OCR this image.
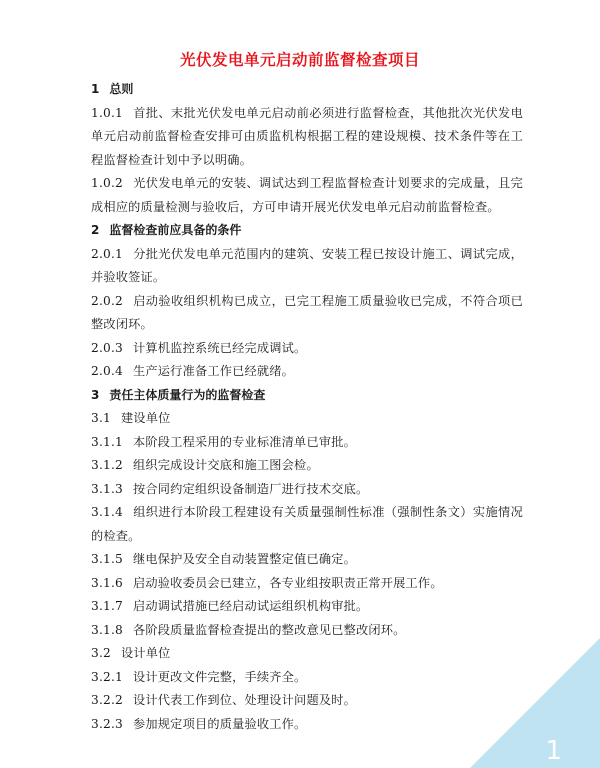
光伏发电单元启动前监督检查项目
1 总则
1.0.1 首批、末批光伏发电单元启动前必须进行监督检查，其他批次光伏发电单元启动前监督检查安排可由质监机构根据工程的建设规模、技术条件等在工程监督检查计划中予以明确。
1.0.2 光伏发电单元的安装、调试达到工程监督检查计划要求的完成量，且完成相应的质量检测与验收后，方可申请开展光伏发电单元启动前监督检查。
2 监督检查前应具备的条件
2.0.1 分批光伏发电单元范围内的建筑、安装工程已按设计施工、调试完成，并验收签证。
2.0.2 启动验收组织机构已成立，已完工程施工质量验收已完成，不符合项已整改闭环。
2.0.3 计算机监控系统已经完成调试。
2.0.4 生产运行准备工作已经就绪。
3 责任主体质量行为的监督检查
3.1 建设单位
3.1.1 本阶段工程采用的专业标准清单已审批。
3.1.2 组织完成设计交底和施工图会检。
3.1.3 按合同约定组织设备制造厂进行技术交底。
3.1.4 组织进行本阶段工程建设有关质量强制性标准（强制性条文）实施情况的检查。
3.1.5 继电保护及安全自动装置整定值已确定。
3.1.6 启动验收委员会已建立，各专业组按职责正常开展工作。
3.1.7 启动调试措施已经启动试运组织机构审批。
3.1.8 各阶段质量监督检查提出的整改意见已整改闭环。
3.2 设计单位
3.2.1 设计更改文件完整，手续齐全。
3.2.2 设计代表工作到位、处理设计问题及时。
3.2.3 参加规定项目的质量验收工作。
1
